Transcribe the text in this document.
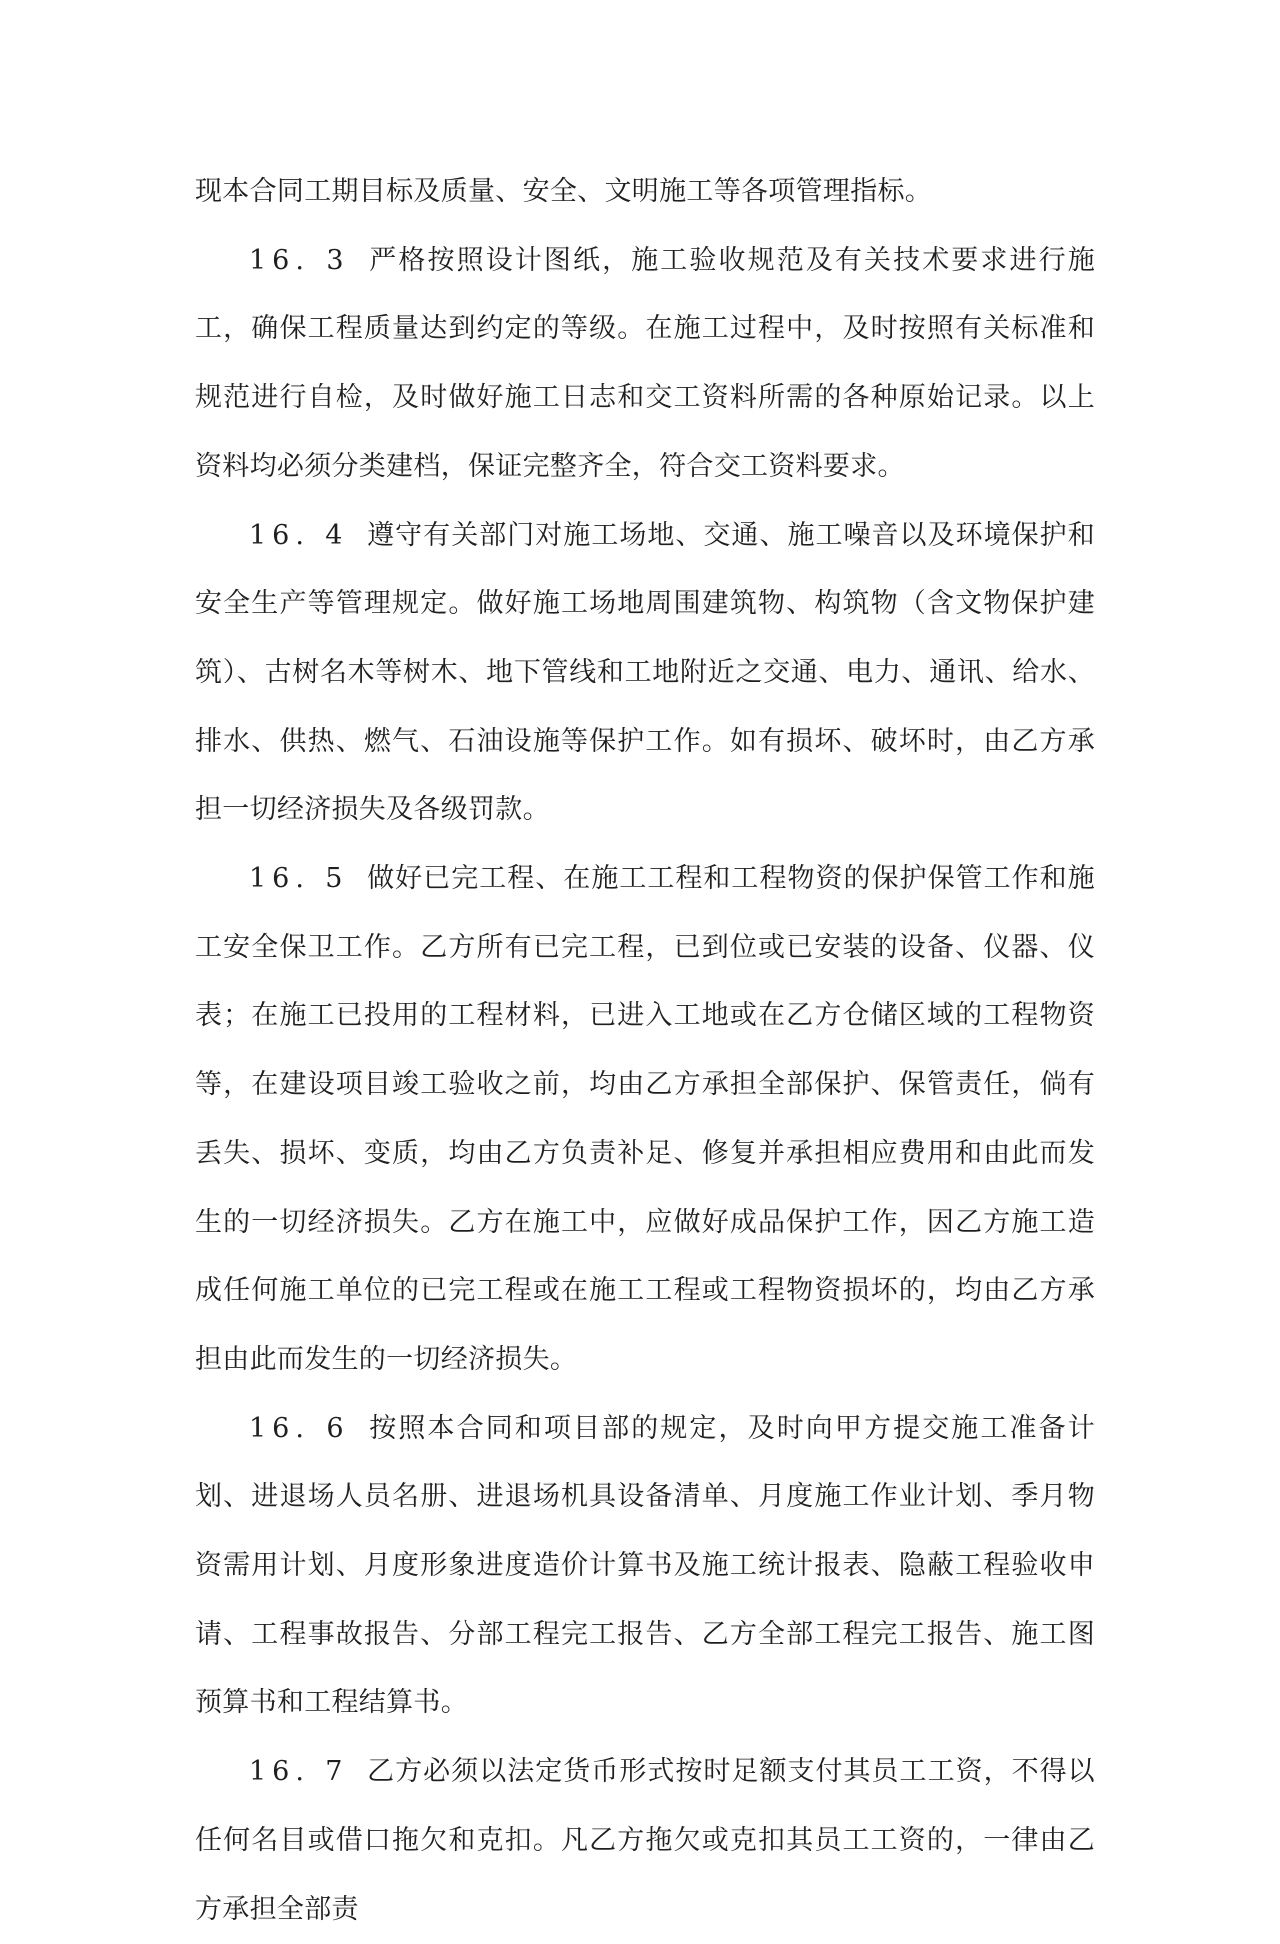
现本合同工期目标及质量、安全、文明施工等各项管理指标。

16. 3 严格按照设计图纸，施工验收规范及有关技术要求进行施工，确保工程质量达到约定的等级。在施工过程中，及时按照有关标准和规范进行自检，及时做好施工日志和交工资料所需的各种原始记录。以上资料均必须分类建档，保证完整齐全，符合交工资料要求。

16. 4 遵守有关部门对施工场地、交通、施工噪音以及环境保护和安全生产等管理规定。做好施工场地周围建筑物、构筑物（含文物保护建筑）、古树名木等树木、地下管线和工地附近之交通、电力、通讯、给水、排水、供热、燃气、石油设施等保护工作。如有损坏、破坏时，由乙方承担一切经济损失及各级罚款。

16. 5 做好已完工程、在施工工程和工程物资的保护保管工作和施工安全保卫工作。乙方所有已完工程，已到位或已安装的设备、仪器、仪表；在施工已投用的工程材料，已进入工地或在乙方仓储区域的工程物资等，在建设项目竣工验收之前，均由乙方承担全部保护、保管责任，倘有丢失、损坏、变质，均由乙方负责补足、修复并承担相应费用和由此而发生的一切经济损失。乙方在施工中，应做好成品保护工作，因乙方施工造成任何施工单位的已完工程或在施工工程或工程物资损坏的，均由乙方承担由此而发生的一切经济损失。

16. 6 按照本合同和项目部的规定，及时向甲方提交施工准备计划、进退场人员名册、进退场机具设备清单、月度施工作业计划、季月物资需用计划、月度形象进度造价计算书及施工统计报表、隐蔽工程验收申请、工程事故报告、分部工程完工报告、乙方全部工程完工报告、施工图预算书和工程结算书。

16. 7 乙方必须以法定货币形式按时足额支付其员工工资，不得以任何名目或借口拖欠和克扣。凡乙方拖欠或克扣其员工工资的，一律由乙方承担全部责
